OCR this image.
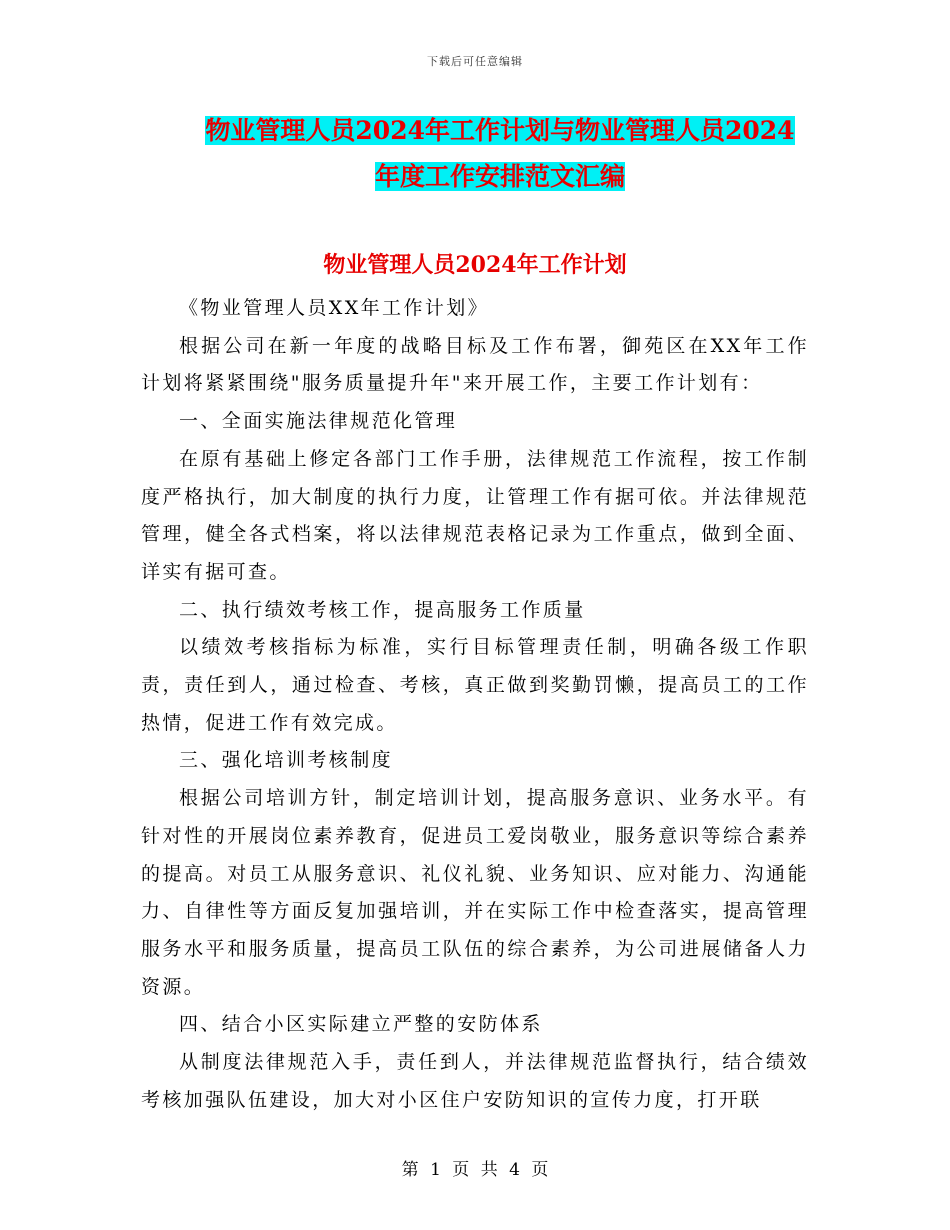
下载后可任意编辑
物业管理人员2024年工作计划与物业管理人员2024
年度工作安排范文汇编
物业管理人员2024年工作计划

《物业管理人员XX年工作计划》

根据公司在新一年度的战略目标及工作布署，御苑区在XX年工作计划将紧紧围绕"服务质量提升年"来开展工作，主要工作计划有：

一、全面实施法律规范化管理

在原有基础上修定各部门工作手册，法律规范工作流程，按工作制度严格执行，加大制度的执行力度，让管理工作有据可依。并法律规范管理，健全各式档案，将以法律规范表格记录为工作重点，做到全面、详实有据可查。

二、执行绩效考核工作，提高服务工作质量

以绩效考核指标为标准，实行目标管理责任制，明确各级工作职责，责任到人，通过检查、考核，真正做到奖勤罚懒，提高员工的工作热情，促进工作有效完成。

三、强化培训考核制度

根据公司培训方针，制定培训计划，提高服务意识、业务水平。有针对性的开展岗位素养教育，促进员工爱岗敬业，服务意识等综合素养的提高。对员工从服务意识、礼仪礼貌、业务知识、应对能力、沟通能力、自律性等方面反复加强培训，并在实际工作中检查落实，提高管理服务水平和服务质量，提高员工队伍的综合素养，为公司进展储备人力资源。

四、结合小区实际建立严整的安防体系

从制度法律规范入手，责任到人，并法律规范监督执行，结合绩效考核加强队伍建设，加大对小区住户安防知识的宣传力度，打开联

第 1 页 共 4 页
